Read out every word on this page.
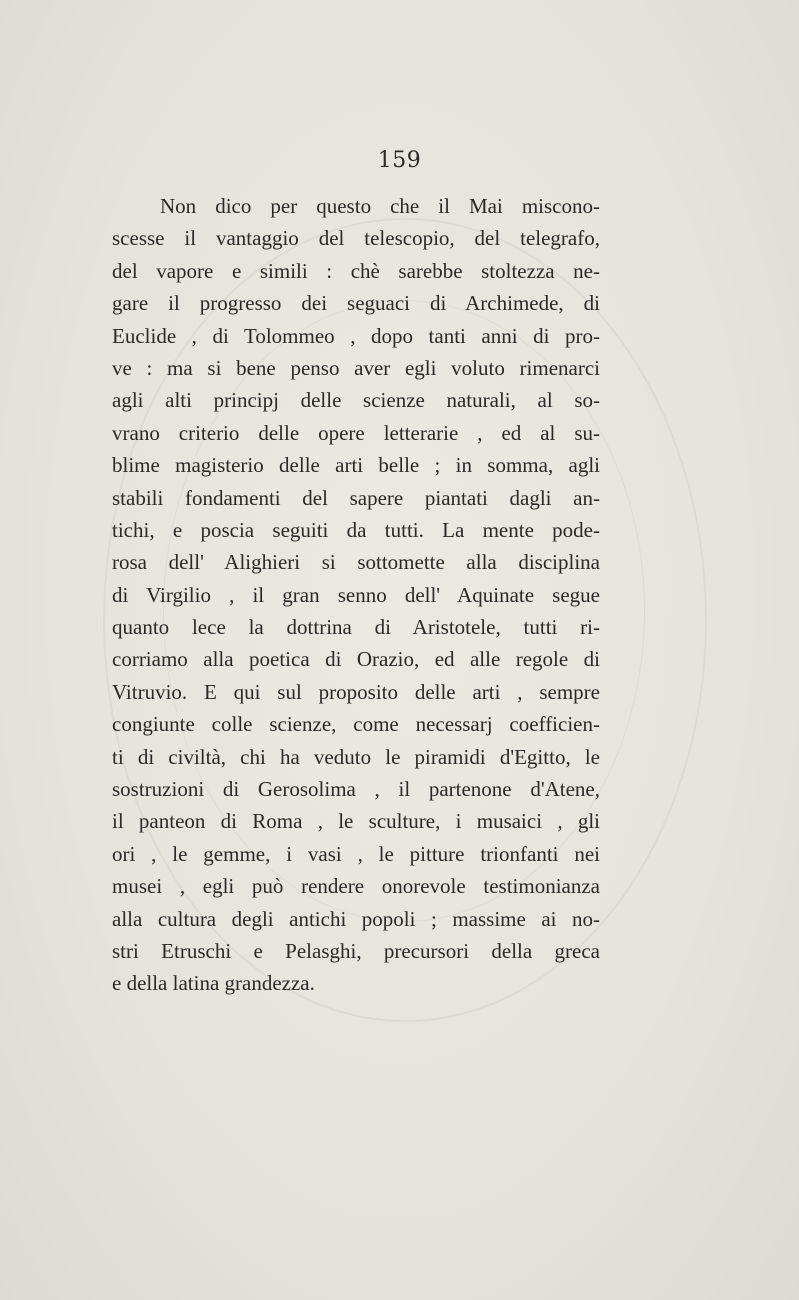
159
Non dico per questo che il Mai miscono-
scesse il vantaggio del telescopio, del telegrafo,
del vapore e simili : chè sarebbe stoltezza ne-
gare il progresso dei seguaci di Archimede, di
Euclide , di Tolommeo , dopo tanti anni di pro-
ve : ma si bene penso aver egli voluto rimenarci
agli alti principj delle scienze naturali, al so-
vrano criterio delle opere letterarie , ed al su-
blime magisterio delle arti belle ; in somma, agli
stabili fondamenti del sapere piantati dagli an-
tichi, e poscia seguiti da tutti. La mente pode-
rosa dell' Alighieri si sottomette alla disciplina
di Virgilio , il gran senno dell' Aquinate segue
quanto lece la dottrina di Aristotele, tutti ri-
corriamo alla poetica di Orazio, ed alle regole di
Vitruvio. E qui sul proposito delle arti , sempre
congiunte colle scienze, come necessarj coefficien-
ti di civiltà, chi ha veduto le piramidi d'Egitto, le
sostruzioni di Gerosolima , il partenone d'Atene,
il panteon di Roma , le sculture, i musaici , gli
ori , le gemme, i vasi , le pitture trionfanti nei
musei , egli può rendere onorevole testimonianza
alla cultura degli antichi popoli ; massime ai no-
stri Etruschi e Pelasghi, precursori della greca
e della latina grandezza.
